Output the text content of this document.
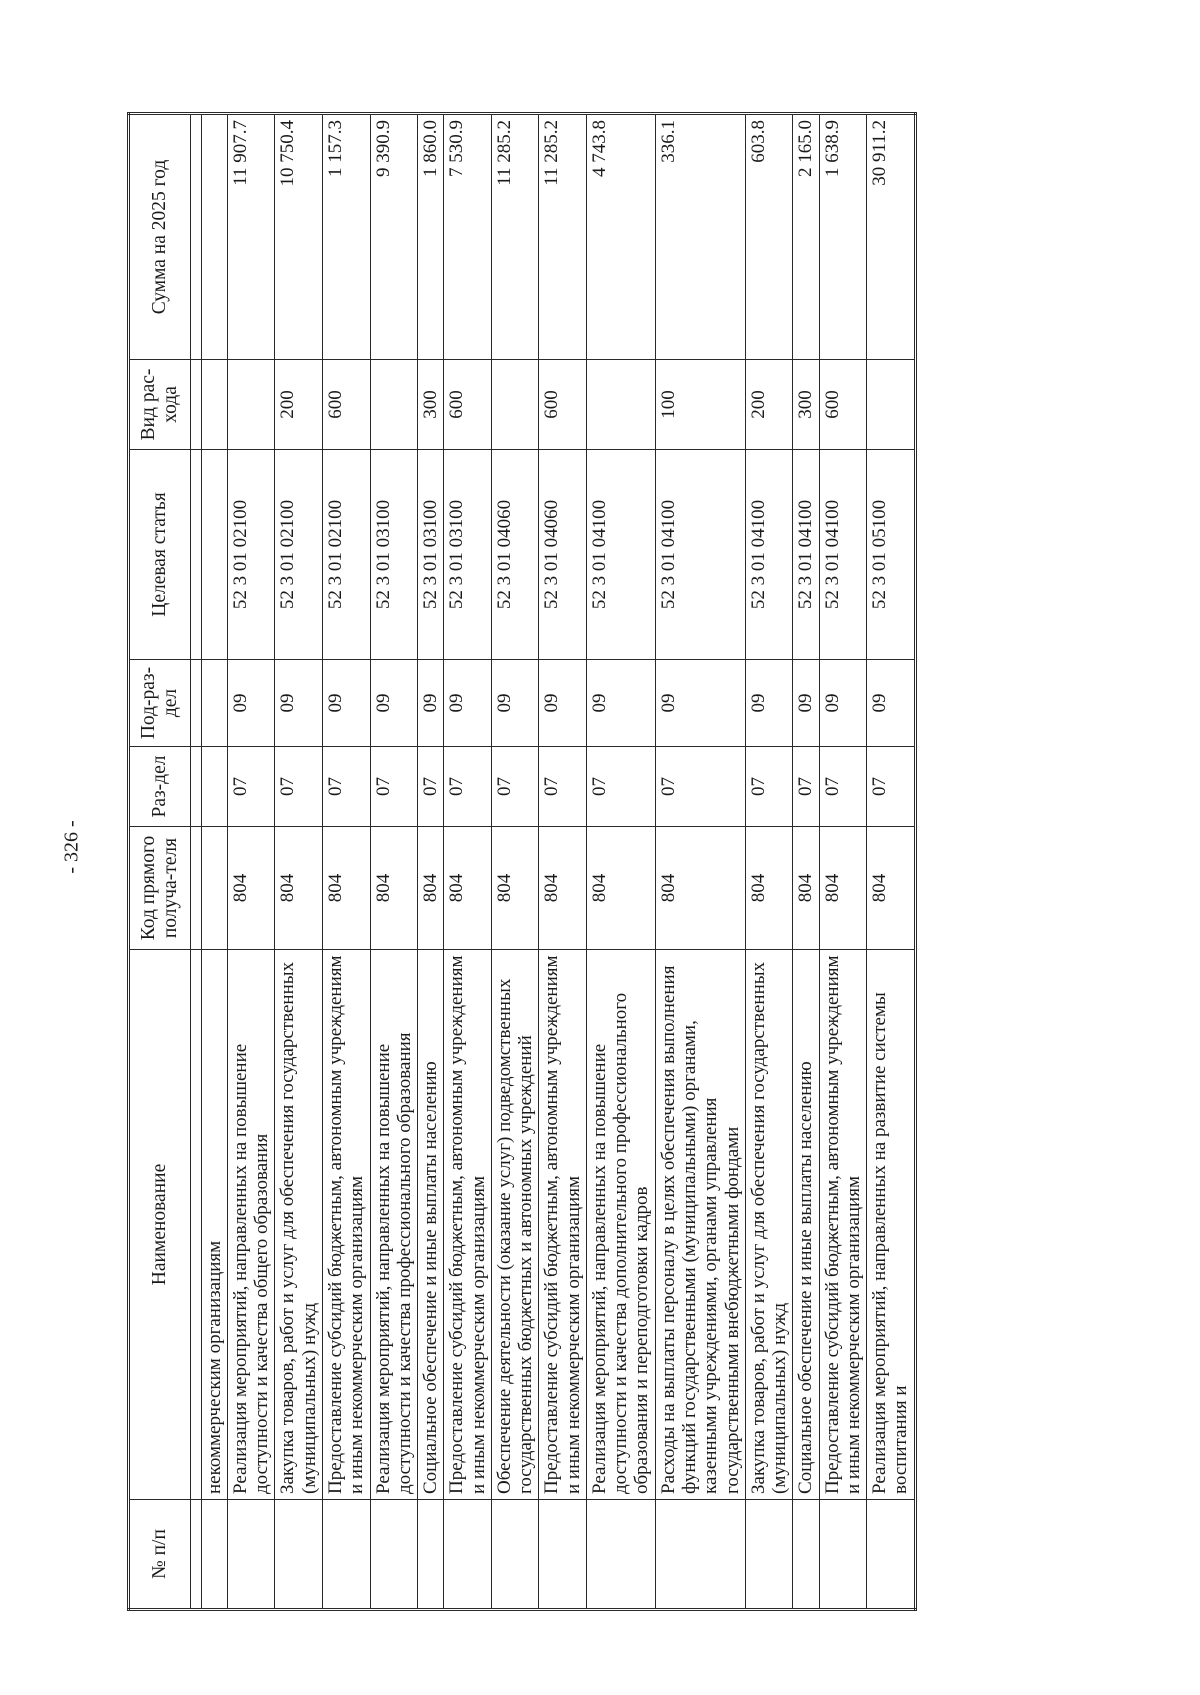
- 326 -
№ п/п	Наименование	Код прямого получа-теля	Раз-дел	Под-раз-дел	Целевая статья	Вид рас-хода	Сумма на 2025 год

	некоммерческим организациям						
	Реализация мероприятий, направленных на повышение доступности и качества общего образования	804	07	09	52 3 01 02100		11 907.7
	Закупка товаров, работ и услуг для обеспечения государственных (муниципальных) нужд	804	07	09	52 3 01 02100	200	10 750.4
	Предоставление субсидий бюджетным, автономным учреждениям и иным некоммерческим организациям	804	07	09	52 3 01 02100	600	1 157.3
	Реализация мероприятий, направленных на повышение доступности и качества профессионального образования	804	07	09	52 3 01 03100		9 390.9
	Социальное обеспечение и иные выплаты населению	804	07	09	52 3 01 03100	300	1 860.0
	Предоставление субсидий бюджетным, автономным учреждениям и иным некоммерческим организациям	804	07	09	52 3 01 03100	600	7 530.9
	Обеспечение деятельности (оказание услуг) подведомственных государственных бюджетных и автономных учреждений	804	07	09	52 3 01 04060		11 285.2
	Предоставление субсидий бюджетным, автономным учреждениям и иным некоммерческим организациям	804	07	09	52 3 01 04060	600	11 285.2
	Реализация мероприятий, направленных на повышение доступности и качества дополнительного профессионального образования и переподготовки кадров	804	07	09	52 3 01 04100		4 743.8
	Расходы на выплаты персоналу в целях обеспечения выполнения функций государственными (муниципальными) органами, казенными учреждениями, органами управления государственными внебюджетными фондами	804	07	09	52 3 01 04100	100	336.1
	Закупка товаров, работ и услуг для обеспечения государственных (муниципальных) нужд	804	07	09	52 3 01 04100	200	603.8
	Социальное обеспечение и иные выплаты населению	804	07	09	52 3 01 04100	300	2 165.0
	Предоставление субсидий бюджетным, автономным учреждениям и иным некоммерческим организациям	804	07	09	52 3 01 04100	600	1 638.9
	Реализация мероприятий, направленных на развитие системы воспитания и	804	07	09	52 3 01 05100		30 911.2
